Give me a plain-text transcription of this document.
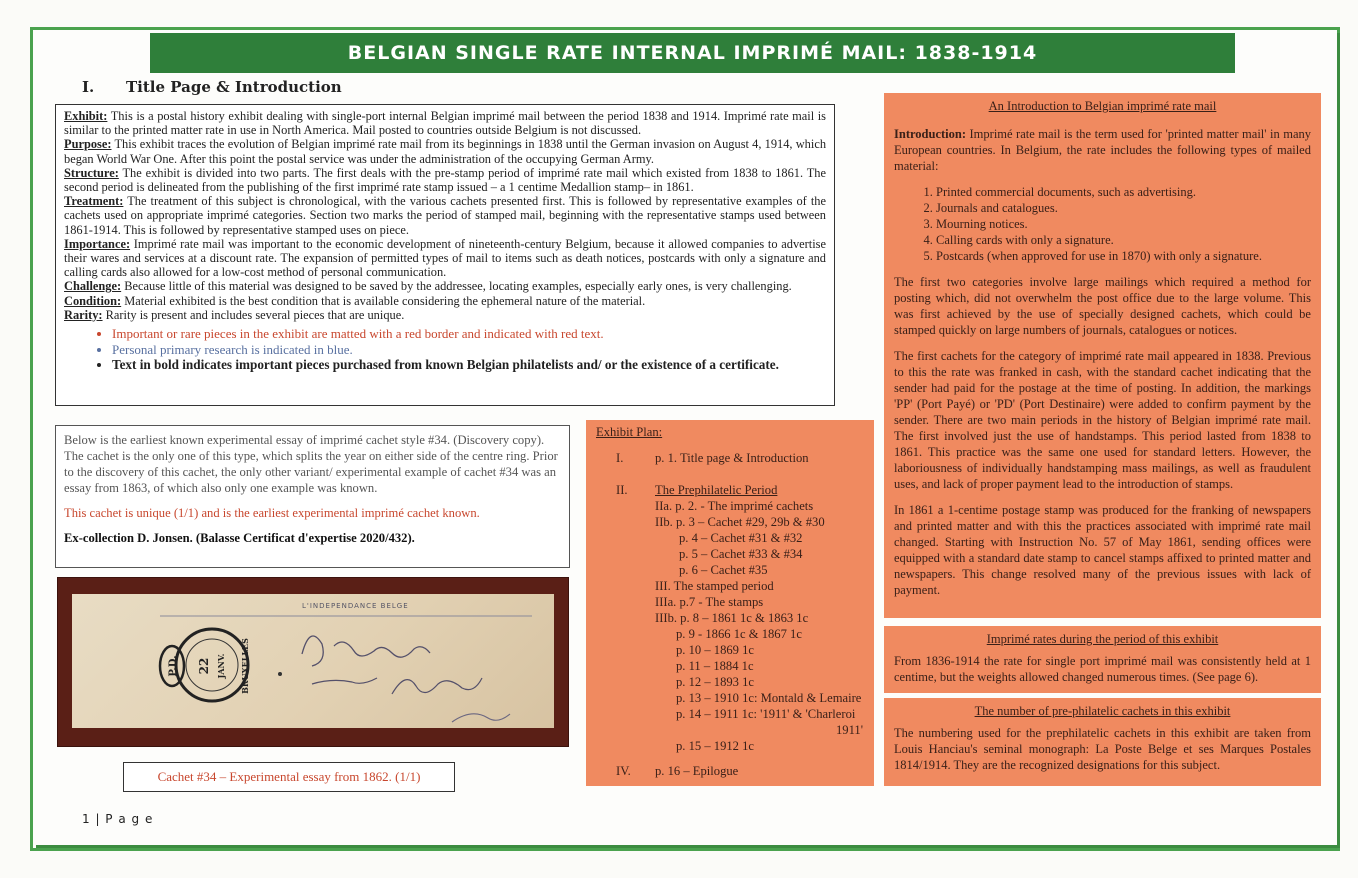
BELGIAN SINGLE RATE INTERNAL IMPRIMÉ MAIL: 1838-1914
I. Title Page & Introduction

Exhibit: This is a postal history exhibit dealing with single-port internal Belgian imprimé mail between the period 1838 and 1914. Imprimé rate mail is similar to the printed matter rate in use in North America. Mail posted to countries outside Belgium is not discussed.

Purpose: This exhibit traces the evolution of Belgian imprimé rate mail from its beginnings in 1838 until the German invasion on August 4, 1914, which began World War One. After this point the postal service was under the administration of the occupying German Army.

Structure: The exhibit is divided into two parts. The first deals with the pre-stamp period of imprimé rate mail which existed from 1838 to 1861. The second period is delineated from the publishing of the first imprimé rate stamp issued – a 1 centime Medallion stamp– in 1861.

Treatment: The treatment of this subject is chronological, with the various cachets presented first. This is followed by representative examples of the cachets used on appropriate imprimé categories. Section two marks the period of stamped mail, beginning with the representative stamps used between 1861-1914. This is followed by representative stamped uses on piece.

Importance: Imprimé rate mail was important to the economic development of nineteenth-century Belgium, because it allowed companies to advertise their wares and services at a discount rate. The expansion of permitted types of mail to items such as death notices, postcards with only a signature and calling cards also allowed for a low-cost method of personal communication.

Challenge: Because little of this material was designed to be saved by the addressee, locating examples, especially early ones, is very challenging.

Condition: Material exhibited is the best condition that is available considering the ephemeral nature of the material.

Rarity: Rarity is present and includes several pieces that are unique.

• Important or rare pieces in the exhibit are matted with a red border and indicated with red text.
• Personal primary research is indicated in blue.
• Text in bold indicates important pieces purchased from known Belgian philatelists and/ or the existence of a certificate.

Below is the earliest known experimental essay of imprimé cachet style #34. (Discovery copy). The cachet is the only one of this type, which splits the year on either side of the centre ring. Prior to the discovery of this cachet, the only other variant/ experimental example of cachet #34 was an essay from 1863, of which also only one example was known.

This cachet is unique (1/1) and is the earliest experimental imprimé cachet known.

Ex-collection D. Jonsen. (Balasse Certificat d'expertise 2020/432).

L'INDEPENDANCE BELGE
P.D. 22 JANV. BRUXELLES
Cachet #34 – Experimental essay from 1862. (1/1)
Exhibit Plan:
I.	p. 1. Title page & Introduction
II. The Prephilatelic Period
IIa. p. 2. - The imprimé cachets
IIb. p. 3 – Cachet #29, 29b & #30
p. 4 – Cachet #31 & #32
p. 5 – Cachet #33 & #34
p. 6 – Cachet #35
III. The stamped period
IIIa. p.7 - The stamps
IIIb. p. 8 – 1861 1c & 1863 1c
p. 9 - 1866 1c & 1867 1c
p. 10 – 1869 1c
p. 11 – 1884 1c
p. 12 – 1893 1c
p. 13 – 1910 1c: Montald & Lemaire
p. 14 – 1911 1c: '1911' & 'Charleroi
1911'
p. 15 – 1912 1c
IV. p. 16 – Epilogue
An Introduction to Belgian imprimé rate mail

Introduction: Imprimé rate mail is the term used for 'printed matter mail' in many European countries. In Belgium, the rate includes the following types of mailed material:

1. Printed commercial documents, such as advertising.
2. Journals and catalogues.
3. Mourning notices.
4. Calling cards with only a signature.
5. Postcards (when approved for use in 1870) with only a signature.

The first two categories involve large mailings which required a method for posting which, did not overwhelm the post office due to the large volume. This was first achieved by the use of specially designed cachets, which could be stamped quickly on large numbers of journals, catalogues or notices.

The first cachets for the category of imprimé rate mail appeared in 1838. Previous to this the rate was franked in cash, with the standard cachet indicating that the sender had paid for the postage at the time of posting. In addition, the markings 'PP' (Port Payé) or 'PD' (Port Destinaire) were added to confirm payment by the sender. There are two main periods in the history of Belgian imprimé rate mail. The first involved just the use of handstamps. This period lasted from 1838 to 1861. This practice was the same one used for standard letters. However, the laboriousness of individually handstamping mass mailings, as well as fraudulent uses, and lack of proper payment lead to the introduction of stamps.

In 1861 a 1-centime postage stamp was produced for the franking of newspapers and printed matter and with this the practices associated with imprimé rate mail changed. Starting with Instruction No. 57 of May 1861, sending offices were equipped with a standard date stamp to cancel stamps affixed to printed matter and newspapers. This change resolved many of the previous issues with lack of payment.

Imprimé rates during the period of this exhibit

From 1836-1914 the rate for single port imprimé mail was consistently held at 1 centime, but the weights allowed changed numerous times. (See page 6).

The number of pre-philatelic cachets in this exhibit

The numbering used for the prephilatelic cachets in this exhibit are taken from Louis Hanciau's seminal monograph: La Poste Belge et ses Marques Postales 1814/1914. They are the recognized designations for this subject.

1 | P a g e
